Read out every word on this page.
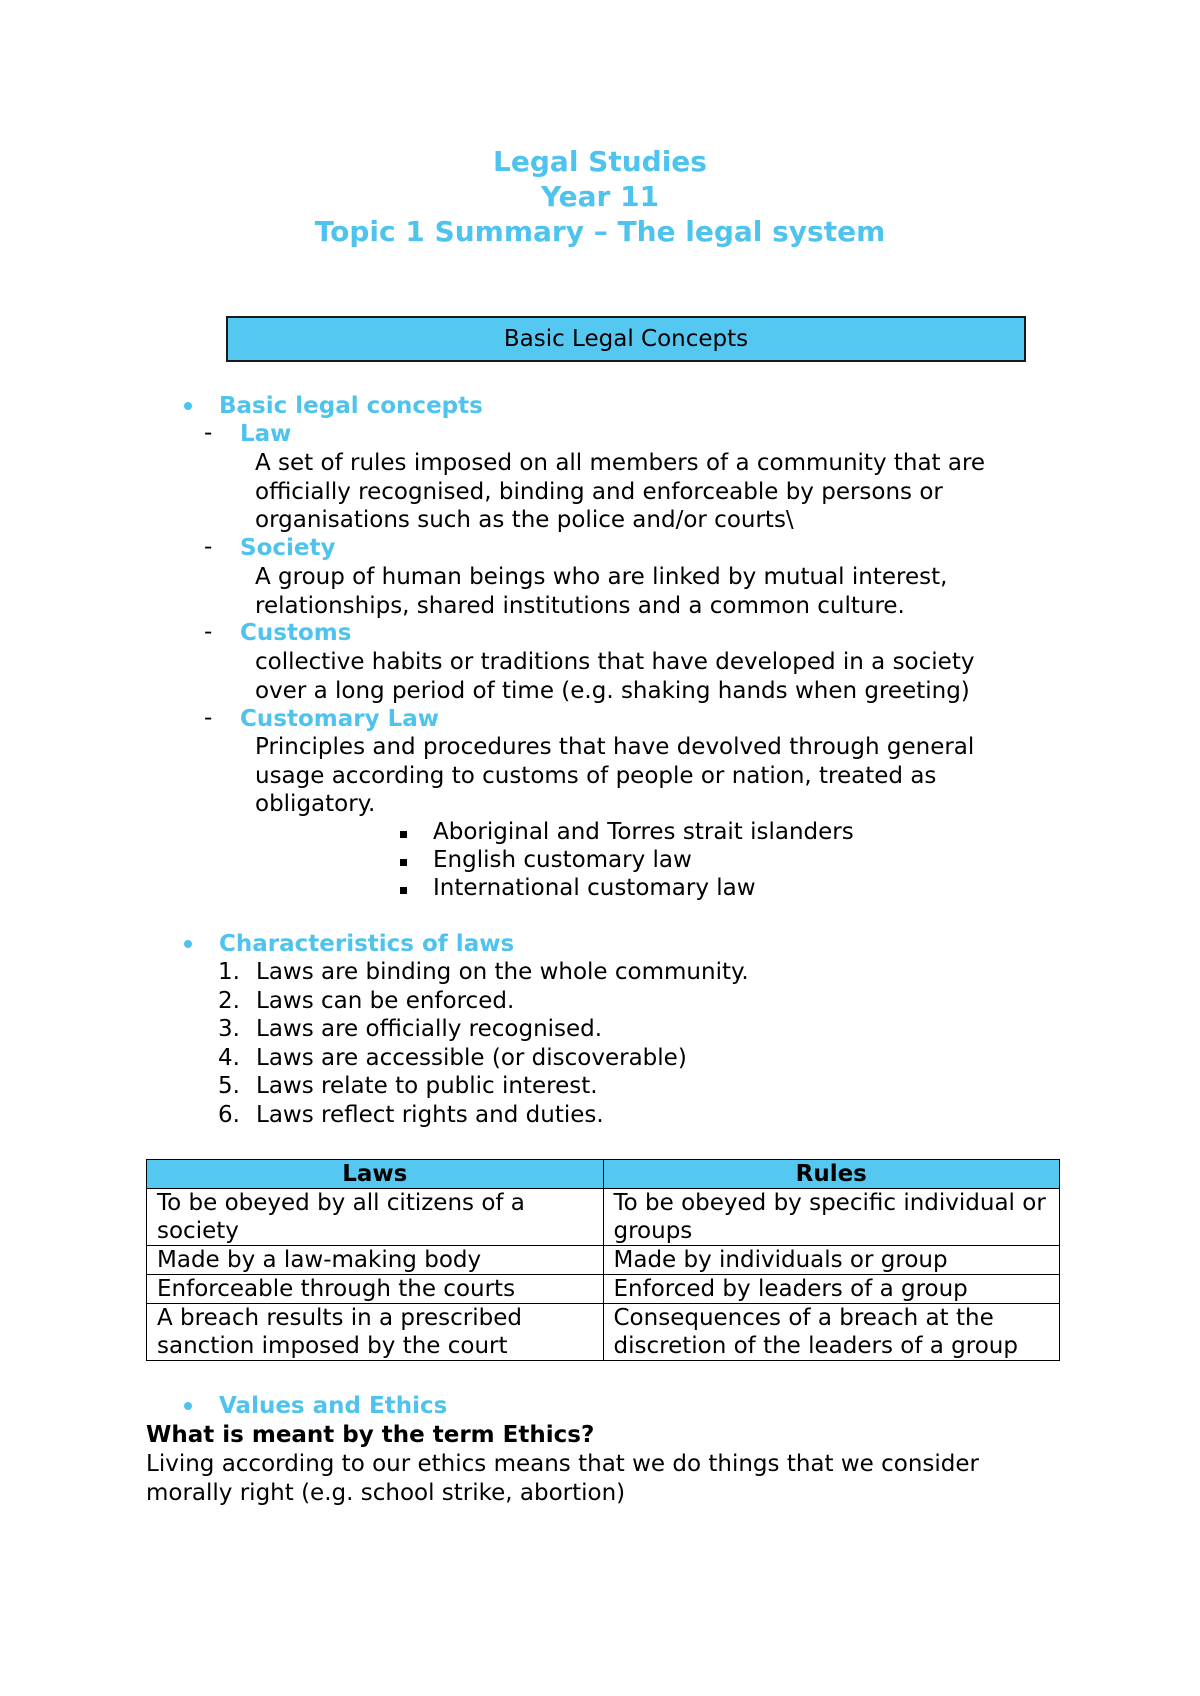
Legal Studies
Year 11
Topic 1 Summary – The legal system
Basic Legal Concepts
Basic legal concepts
- Law
A set of rules imposed on all members of a community that are
officially recognised, binding and enforceable by persons or
organisations such as the police and/or courts\
- Society
A group of human beings who are linked by mutual interest,
relationships, shared institutions and a common culture.
- Customs
collective habits or traditions that have developed in a society
over a long period of time (e.g. shaking hands when greeting)
- Customary Law
Principles and procedures that have devolved through general
usage according to customs of people or nation, treated as
obligatory.
Aboriginal and Torres strait islanders
English customary law
International customary law
Characteristics of laws
1. Laws are binding on the whole community.
2. Laws can be enforced.
3. Laws are officially recognised.
4. Laws are accessible (or discoverable)
5. Laws relate to public interest.
6. Laws reflect rights and duties.
Laws	Rules
To be obeyed by all citizens of a society	To be obeyed by specific individual or groups
Made by a law-making body	Made by individuals or group
Enforceable through the courts	Enforced by leaders of a group
A breach results in a prescribed sanction imposed by the court	Consequences of a breach at the discretion of the leaders of a group
Values and Ethics
What is meant by the term Ethics?
Living according to our ethics means that we do things that we consider
morally right (e.g. school strike, abortion)
